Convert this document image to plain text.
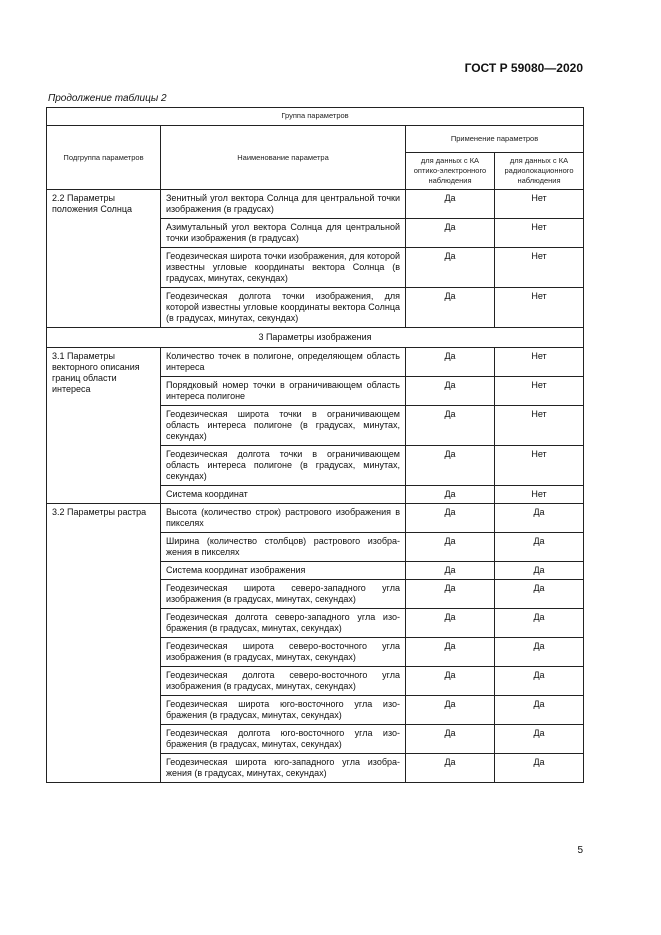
ГОСТ Р 59080—2020
Продолжение таблицы 2
Группа параметров			
Подгруппа параметров	Наименование параметра	Применение параметров	
		для данных с КА оптико-электронного наблюдения	для данных с КА радиолокационного наблюдения
2.2 Параметры положения Солнца	Зенитный угол вектора Солнца для центральной точки изображения (в градусах)	Да	Нет
	Азимутальный угол вектора Солнца для центральной точки изображения (в градусах)	Да	Нет
	Геодезическая широта точки изображения, для которой известны угловые координаты вектора Солнца (в градусах, минутах, секундах)	Да	Нет
	Геодезическая долгота точки изображения, для которой известны угловые координаты вектора Солнца (в градусах, минутах, секундах)	Да	Нет
3 Параметры изображения			
3.1 Параметры векторного описания границ области интереса	Количество точек в полигоне, определяющем область интереса	Да	Нет
	Порядковый номер точки в ограничивающем область интереса полигоне	Да	Нет
	Геодезическая широта точки в ограничивающем область интереса полигоне (в градусах, минутах, секундах)	Да	Нет
	Геодезическая долгота точки в ограничивающем область интереса полигоне (в градусах, минутах, секундах)	Да	Нет
	Система координат	Да	Нет
3.2 Параметры растра	Высота (количество строк) растрового изображения в пикселях	Да	Да
	Ширина (количество столбцов) растрового изображения в пикселях	Да	Да
	Система координат изображения	Да	Да
	Геодезическая широта северо-западного угла изображения (в градусах, минутах, секундах)	Да	Да
	Геодезическая долгота северо-западного угла изображения (в градусах, минутах, секундах)	Да	Да
	Геодезическая широта северо-восточного угла изображения (в градусах, минутах, секундах)	Да	Да
	Геодезическая долгота северо-восточного угла изображения (в градусах, минутах, секундах)	Да	Да
	Геодезическая широта юго-восточного угла изображения (в градусах, минутах, секундах)	Да	Да
	Геодезическая долгота юго-восточного угла изображения (в градусах, минутах, секундах)	Да	Да
	Геодезическая широта юго-западного угла изображения (в градусах, минутах, секундах)	Да	Да
5
